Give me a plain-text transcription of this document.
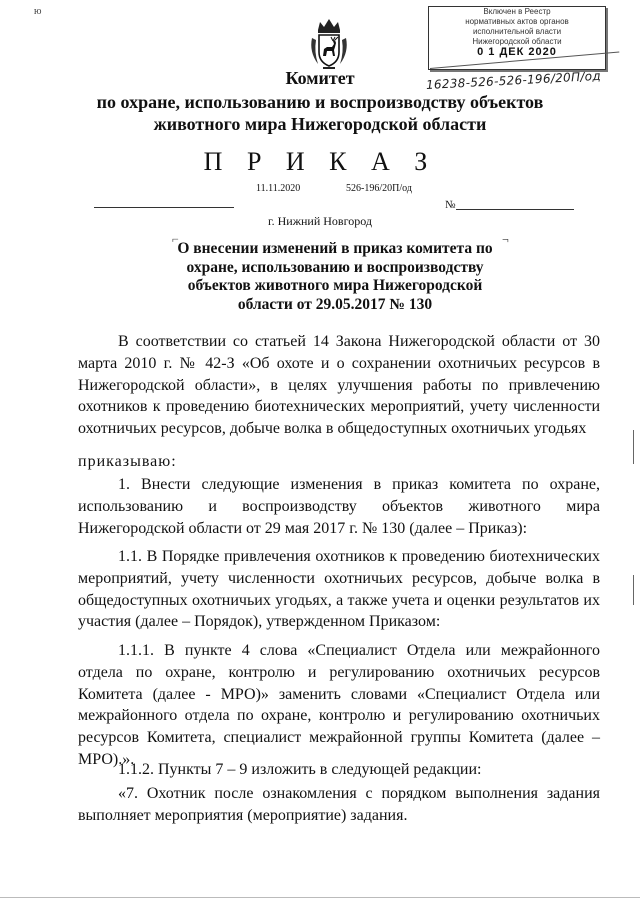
ю	Включен в Реестр
нормативных актов органов
исполнительной власти
Нижегородской области
0 1 ДЕК 2020
16238-526-526-196/20П/од
Комитет
по охране, использованию и воспроизводству объектов
животного мира Нижегородской области
П Р И К А З
11.11.2020	526-196/20П/од
№
г. Нижний Новгород
⌐	¬
О внесении изменений в приказ комитета по охране, использованию и воспроизводству объектов животного мира Нижегородской области от 29.05.2017 № 130
В соответствии со статьей 14 Закона Нижегородской области от 30 марта 2010 г. № 42-З «Об охоте и о сохранении охотничьих ресурсов в Нижегородской области», в целях улучшения работы по привлечению охотников к проведению биотехнических мероприятий, учету численности охотничьих ресурсов, добыче волка в общедоступных охотничьих угодьях
приказываю:
1. Внести следующие изменения в приказ комитета по охране, использованию и воспроизводству объектов животного мира Нижегородской области от 29 мая 2017 г. № 130 (далее – Приказ):
1.1. В Порядке привлечения охотников к проведению биотехнических мероприятий, учету численности охотничьих ресурсов, добыче волка в общедоступных охотничьих угодьях, а также учета и оценки результатов их участия (далее – Порядок), утвержденном Приказом:
1.1.1. В пункте 4 слова «Специалист Отдела или межрайонного отдела по охране, контролю и регулированию охотничьих ресурсов Комитета (далее - МРО)» заменить словами «Специалист Отдела или межрайонного отдела по охране, контролю и регулированию охотничьих ресурсов Комитета, специалист межрайонной группы Комитета (далее – МРО).».
1.1.2. Пункты 7 – 9 изложить в следующей редакции:
«7. Охотник после ознакомления с порядком выполнения задания выполняет мероприятия (мероприятие) задания.
